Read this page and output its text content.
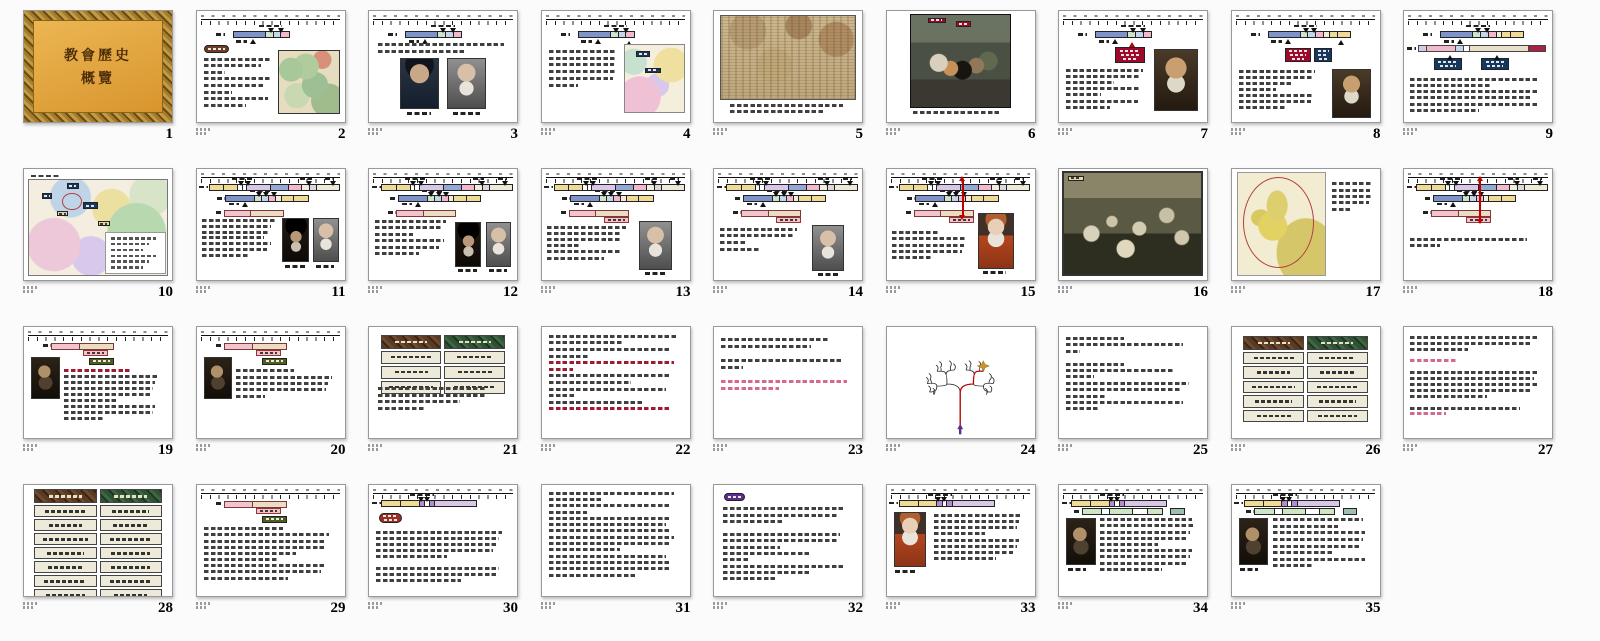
教會歷史
概覽
1	2	3	4	5	6	7	8	9
10	11	12	13	14	15	16	17	18
19	20	21	22	23	24	25	26	27
28	29	30	31	32	33	34	35
